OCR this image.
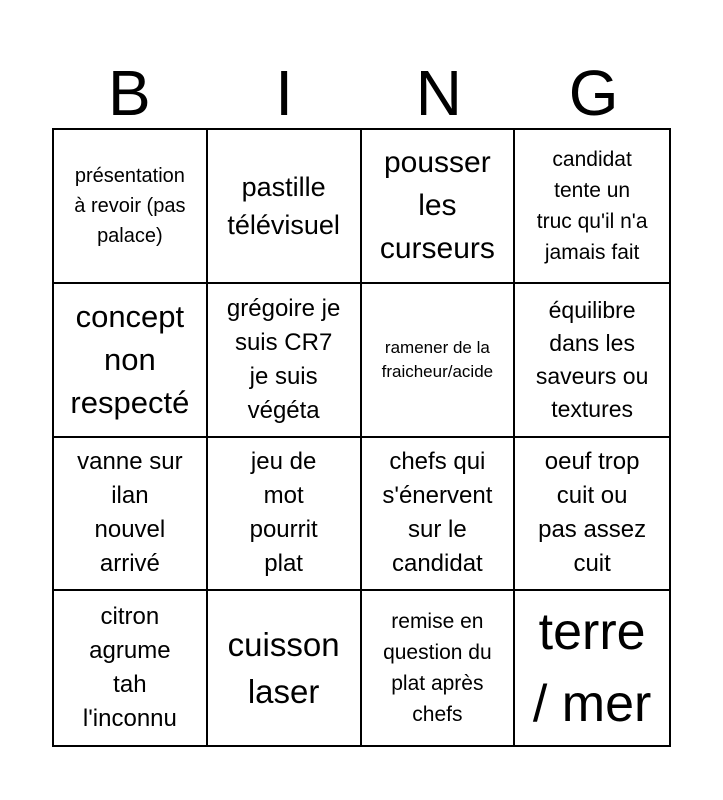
B	I	N	G
présentation
à revoir (pas
palace)
pastille
télévisuel
pousser
les
curseurs
candidat
tente un
truc qu'il n'a
jamais fait
concept
non
respecté
grégoire je
suis CR7
je suis
végéta
ramener de la
fraicheur/acide
équilibre
dans les
saveurs ou
textures
vanne sur
ilan
nouvel
arrivé
jeu de
mot
pourrit
plat
chefs qui
s'énervent
sur le
candidat
oeuf trop
cuit ou
pas assez
cuit
citron
agrume
tah
l'inconnu
cuisson
laser
remise en
question du
plat après
chefs
terre
/ mer
